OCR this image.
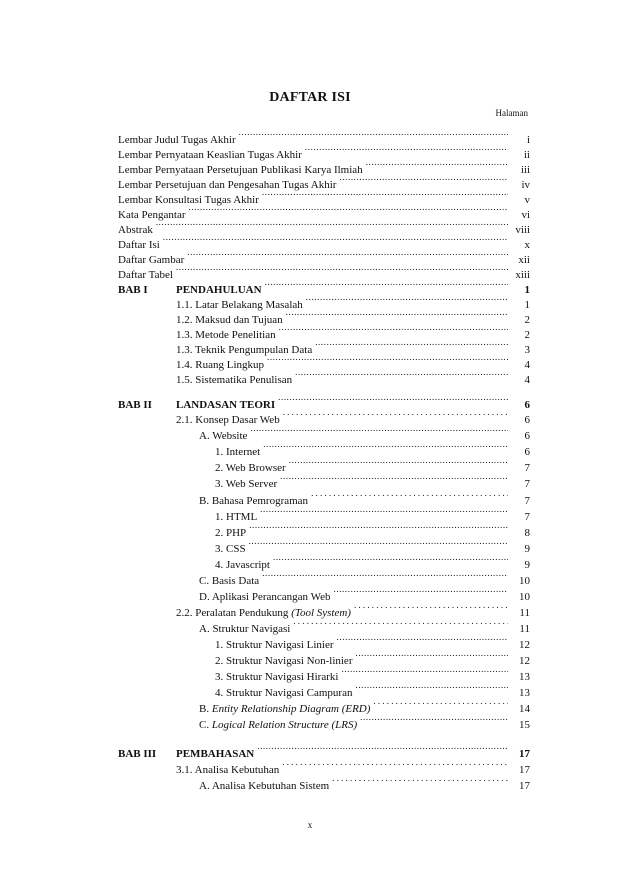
DAFTAR ISI
Halaman
Lembar Judul Tugas Akhir .....	i
Lembar Pernyataan Keaslian Tugas Akhir .....	ii
Lembar Pernyataan Persetujuan Publikasi Karya Ilmiah .....	iii
Lembar Persetujuan dan Pengesahan Tugas Akhir .....	iv
Lembar Konsultasi Tugas Akhir .....	v
Kata Pengantar .....	vi
Abstrak .....	viii
Daftar Isi .....	x
Daftar Gambar .....	xii
Daftar Tabel .....	xiii
BAB I	PENDAHULUAN .....	1
1.1. Latar Belakang Masalah .....	1
1.2. Maksud dan Tujuan .....	2
1.3. Metode Penelitian .....	2
1.3. Teknik Pengumpulan Data .....	3
1.4. Ruang Lingkup .....	4
1.5. Sistematika Penulisan .....	4
BAB II	LANDASAN TEORI .....	6
2.1. Konsep Dasar Web .....	6
A. Website .....	6
1. Internet .....	6
2. Web Browser .....	7
3. Web Server .....	7
B. Bahasa Pemrograman .....	7
1. HTML .....	7
2. PHP .....	8
3. CSS .....	9
4. Javascript .....	9
C. Basis Data .....	10
D. Aplikasi Perancangan Web .....	10
2.2. Peralatan Pendukung (Tool System) .....	11
A. Struktur Navigasi .....	11
1. Struktur Navigasi Linier .....	12
2. Struktur Navigasi Non-linier .....	12
3. Struktur Navigasi Hirarki .....	13
4. Struktur Navigasi Campuran .....	13
B. Entity Relationship Diagram (ERD) .....	14
C. Logical Relation Structure (LRS) .....	15
BAB III	PEMBAHASAN .....	17
3.1. Analisa Kebutuhan .....	17
A. Analisa Kebutuhan Sistem .....	17
x
